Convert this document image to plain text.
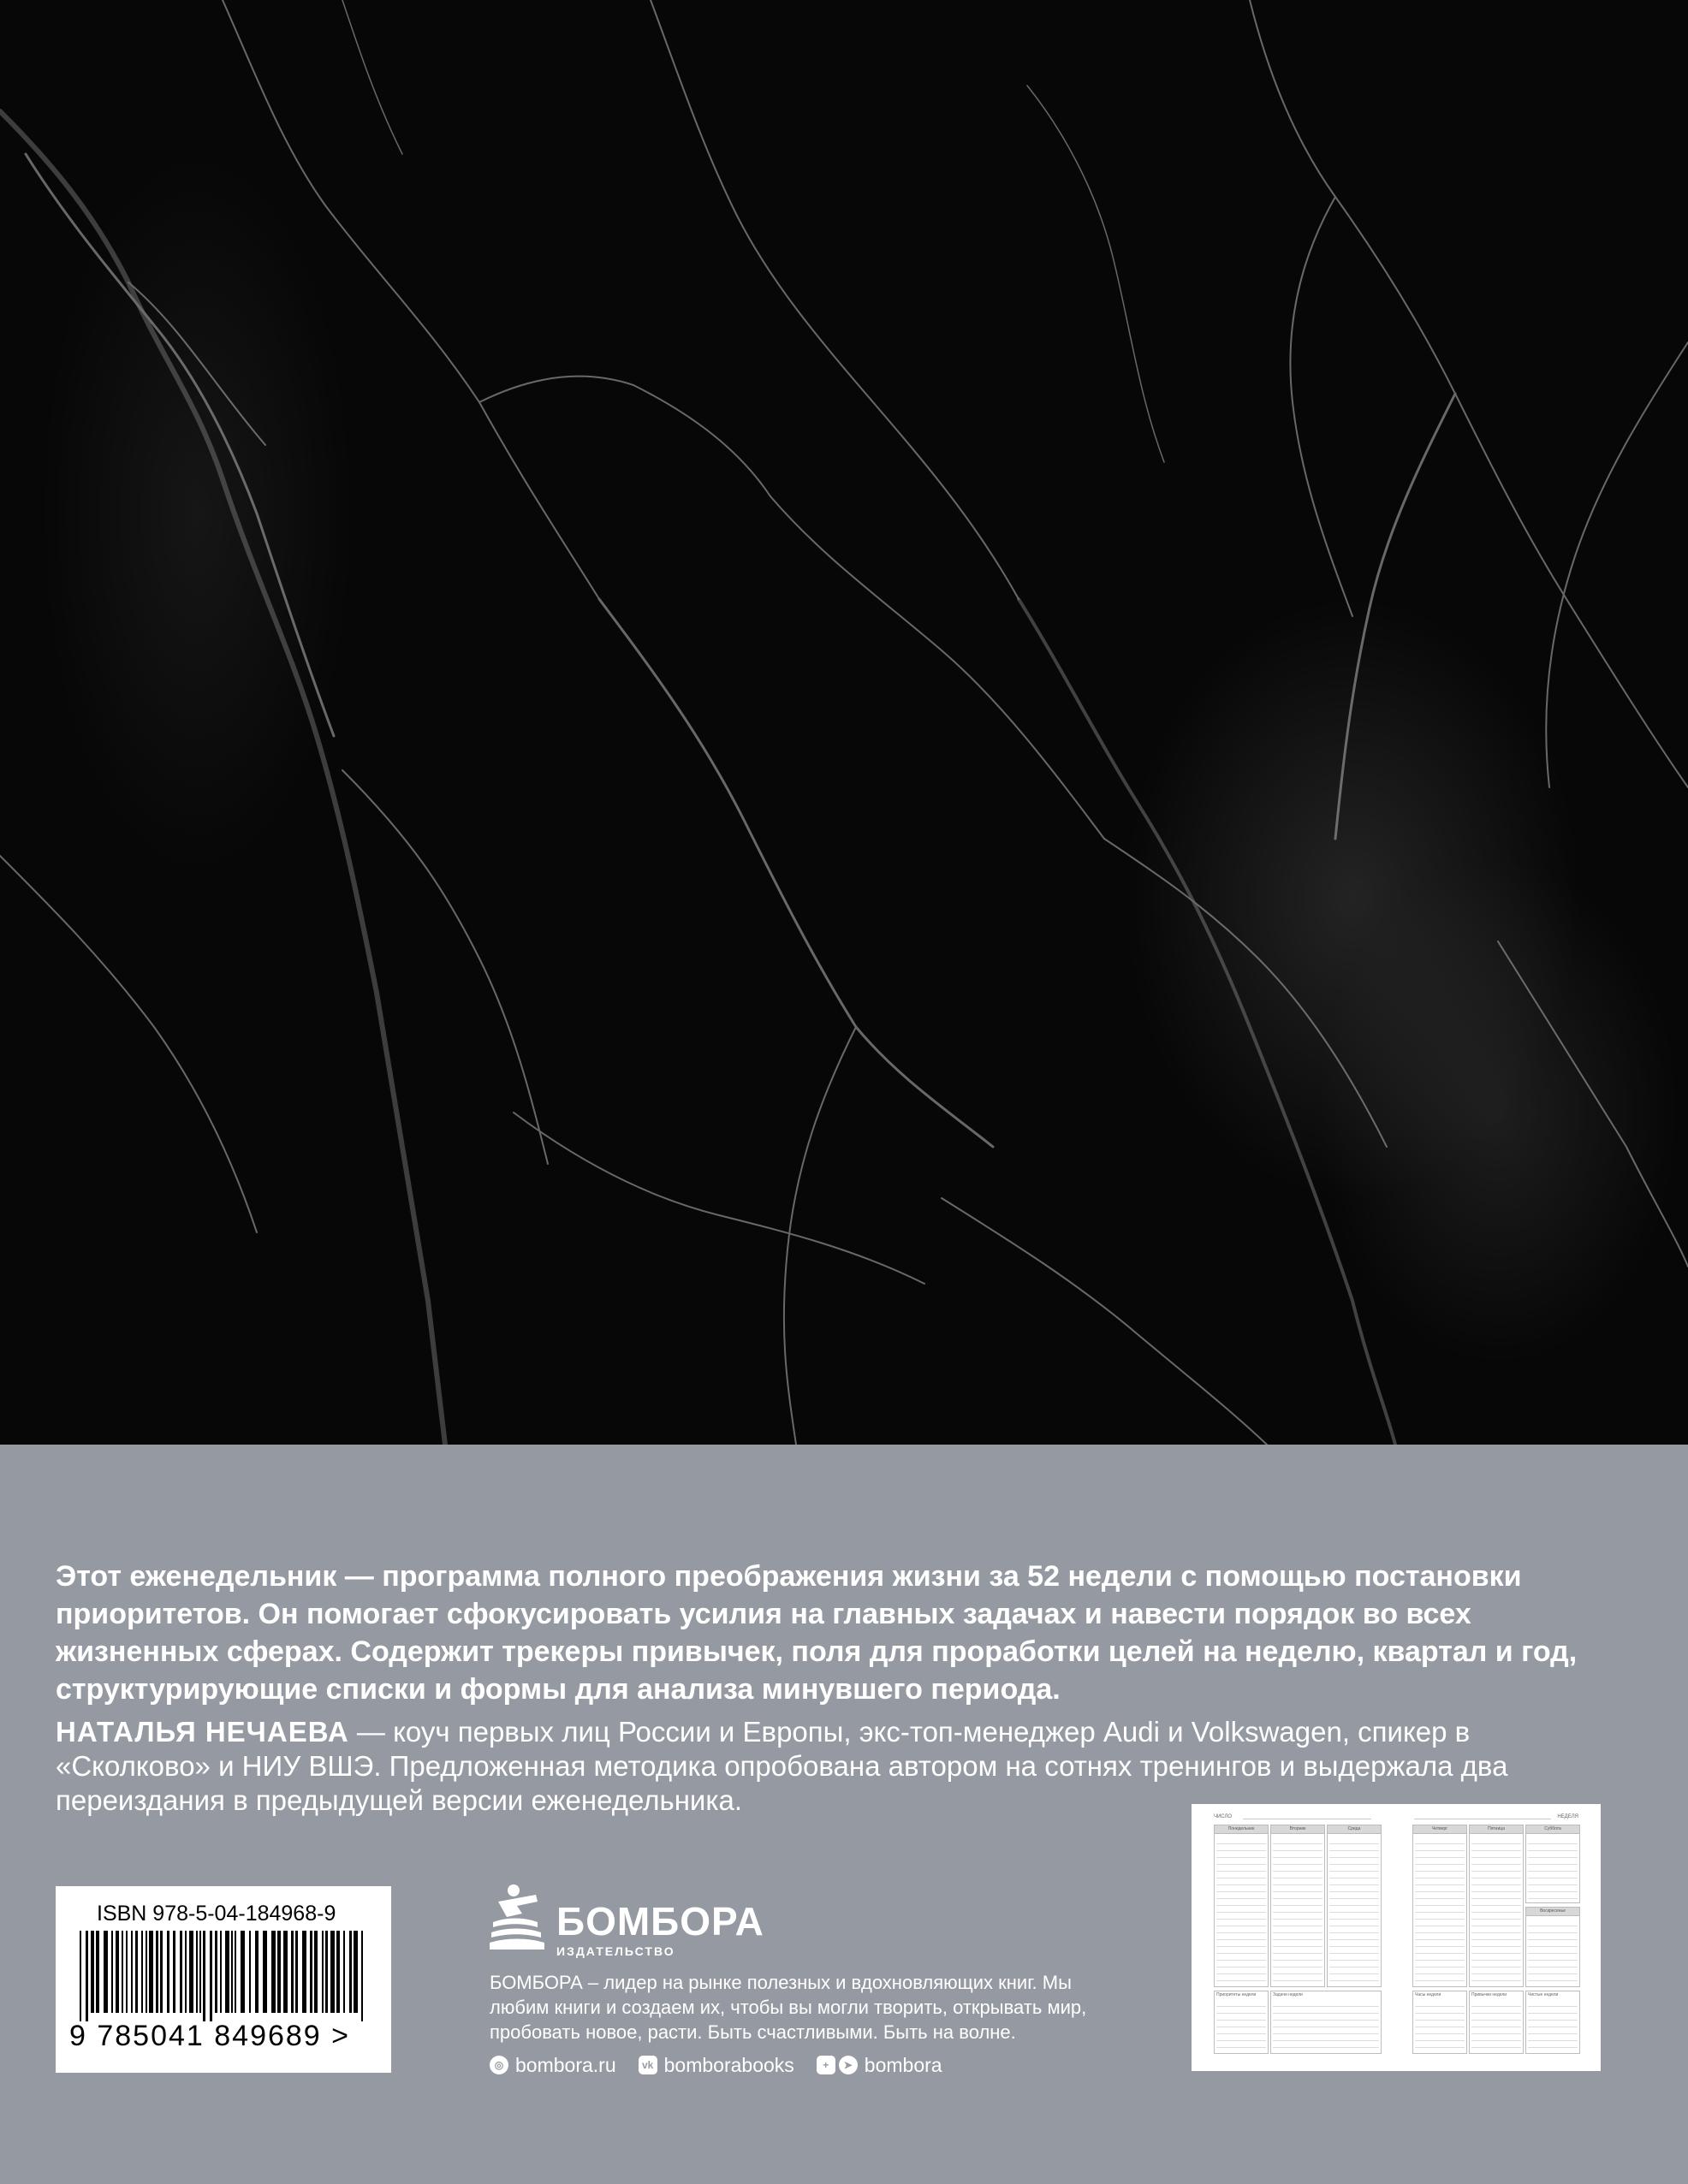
Этот еженедельник — программа полного преображения жизни за 52 недели с помощью постановки приоритетов. Он помогает сфокусировать усилия на главных задачах и навести порядок во всех жизненных сферах. Содержит трекеры привычек, поля для проработки целей на неделю, квартал и год, структурирующие списки и формы для анализа минувшего периода.

НАТАЛЬЯ НЕЧАЕВА — коуч первых лиц России и Европы, экс-топ-менеджер Audi и Volkswagen, спикер в «Сколково» и НИУ ВШЭ. Предложенная методика опробована автором на сотнях тренингов и выдержала два переиздания в предыдущей версии еженедельника.

ISBN 978-5-04-184968-9
9 785041 849689 >
БОМБОРА
ИЗДАТЕЛЬСТВО

БОМБОРА – лидер на рынке полезных и вдохновляющих книг. Мы любим книги и создаем их, чтобы вы могли творить, открывать мир, пробовать новое, расти. Быть счастливыми. Быть на волне.

◎ bombora.ru	vk bomborabooks	+	➤ bombora
ЧИСЛО	НЕДЕЛЯ
Понедельник	Вторник	Среда	Четверг	Пятница	Суббота
Воскресенье
Приоритеты недели	Задачи недели	Часы недели	Привычки недели	Чистые недели
